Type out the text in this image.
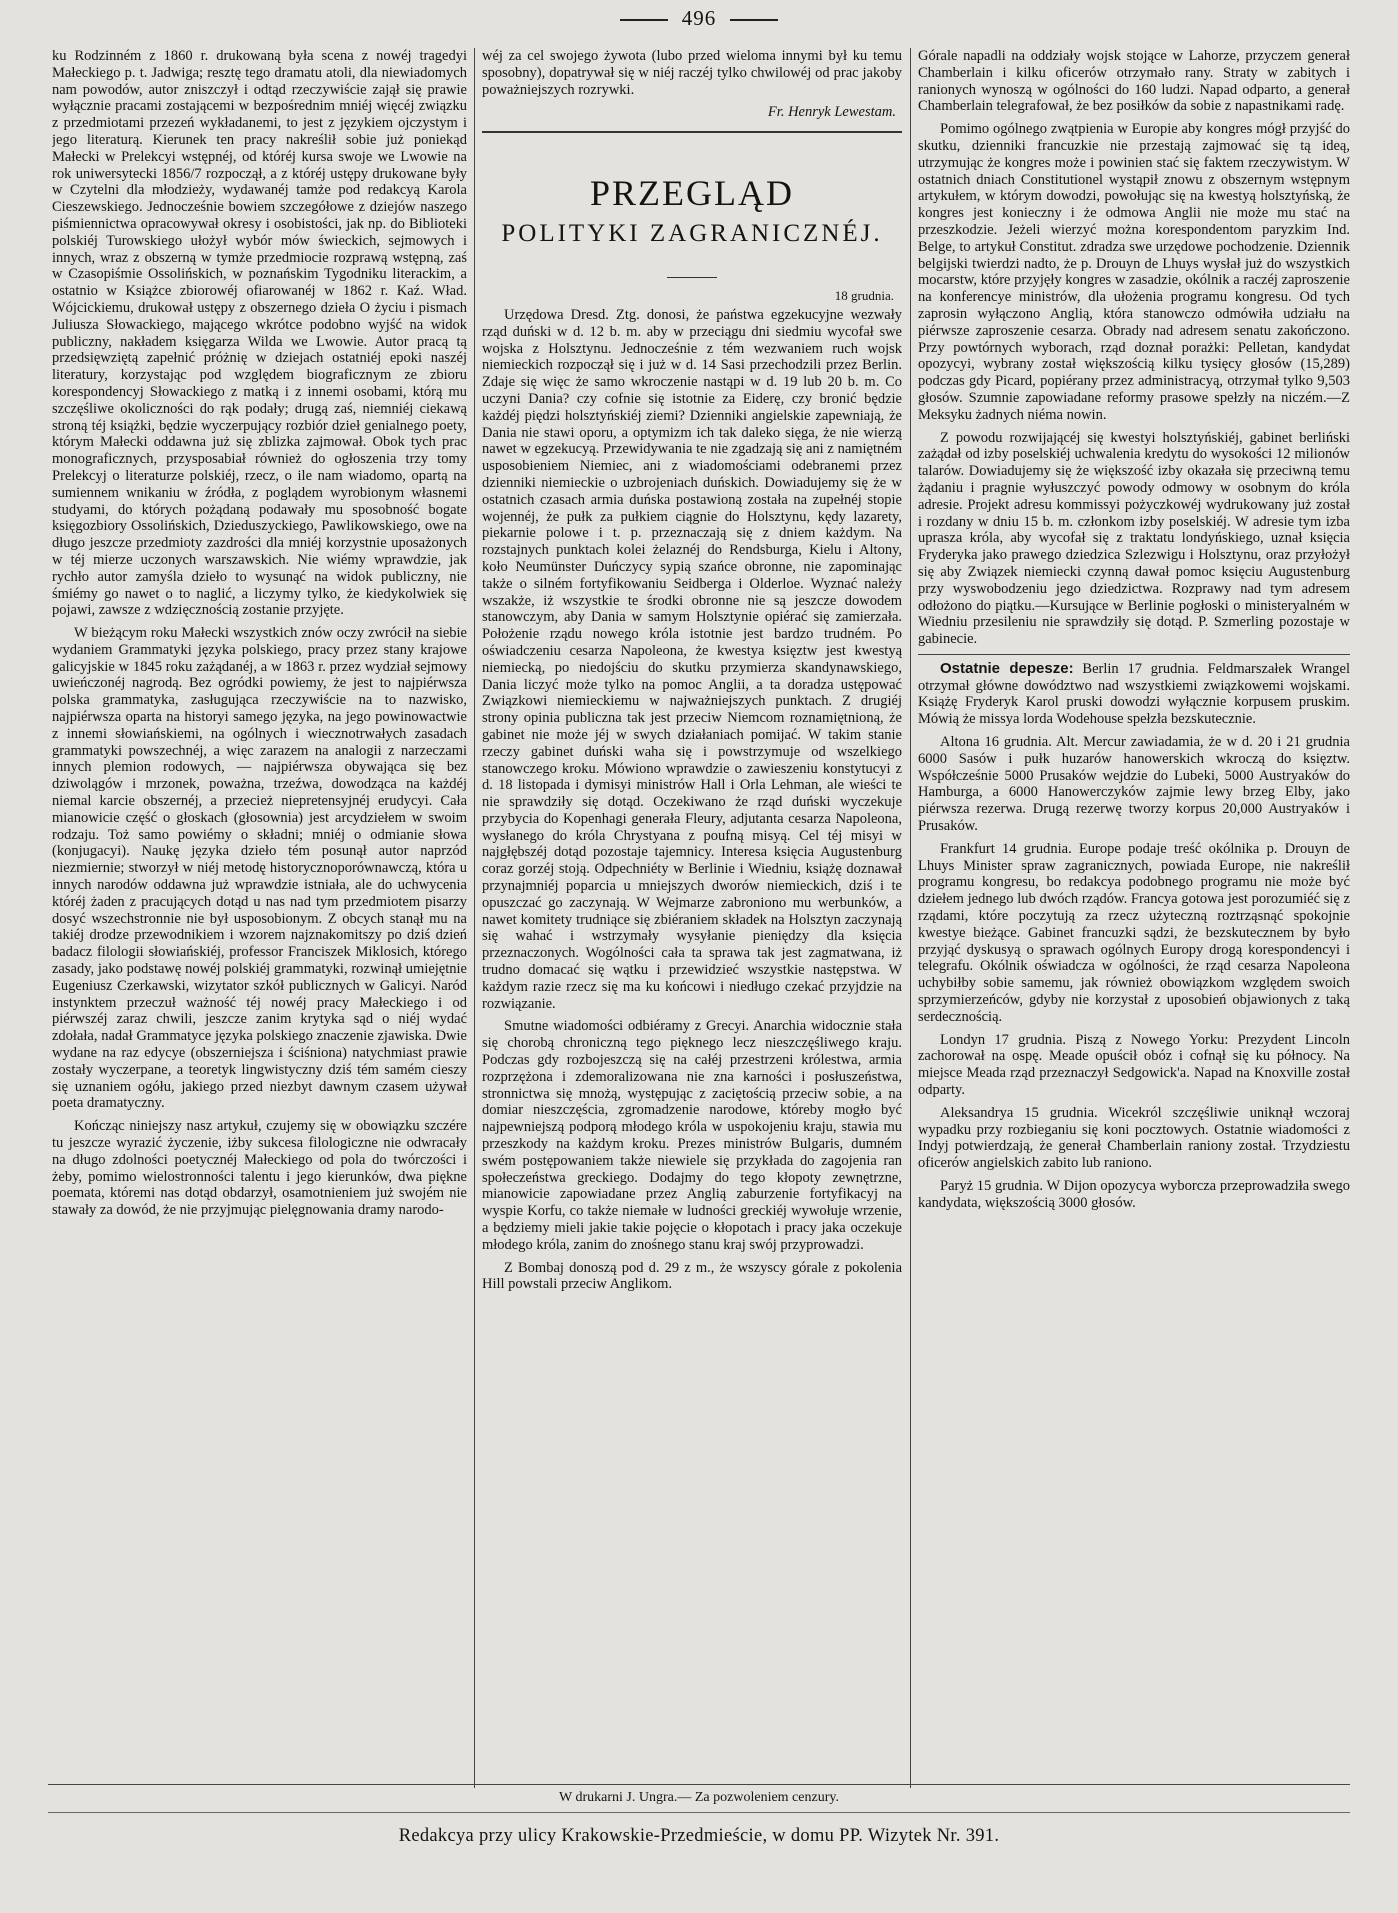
496

ku Rodzinném z 1860 r. drukowaną była scena z nowéj tragedyi Małeckiego p. t. Jadwiga; resztę tego dramatu atoli, dla niewiadomych nam powodów, autor zniszczył i odtąd rzeczywiście zajął się prawie wyłącznie pracami zostającemi w bezpośrednim mniéj więcéj związku z przedmiotami przezeń wykładanemi, to jest z językiem ojczystym i jego literaturą. Kierunek ten pracy nakreślił sobie już poniekąd Małecki w Prelekcyi wstępnéj, od któréj kursa swoje we Lwowie na rok uniwersytecki 1856/7 rozpoczął, a z któréj ustępy drukowane były w Czytelni dla młodzieży, wydawanéj tamże pod redakcyą Karola Cieszewskiego. Jednocześnie bowiem szczegółowe z dziejów naszego piśmiennictwa opracowywał okresy i osobistości, jak np. do Biblioteki polskiéj Turowskiego ułożył wybór mów świeckich, sejmowych i innych, wraz z obszerną w tymże przedmiocie rozprawą wstępną, zaś w Czasopiśmie Ossolińskich, w poznańskim Tygodniku literackim, a ostatnio w Książce zbiorowéj ofiarowanéj w 1862 r. Kaź. Wład. Wójcickiemu, drukował ustępy z obszernego dzieła O życiu i pismach Juliusza Słowackiego, mającego wkrótce podobno wyjść na widok publiczny, nakładem księgarza Wilda we Lwowie. Autor pracą tą przedsięwziętą zapełnić próżnię w dziejach ostatniéj epoki naszéj literatury, korzystając pod względem biograficznym ze zbioru korespondencyj Słowackiego z matką i z innemi osobami, którą mu szczęśliwe okoliczności do rąk podały; drugą zaś, niemniéj ciekawą stroną téj książki, będzie wyczerpujący rozbiór dzieł genialnego poety, którym Małecki oddawna już się zblizka zajmował. Obok tych prac monograficznych, przysposabiał również do ogłoszenia trzy tomy Prelekcyj o literaturze polskiéj, rzecz, o ile nam wiadomo, opartą na sumiennem wnikaniu w źródła, z poglądem wyrobionym własnemi studyami, do których pożądaną podawały mu sposobność bogate księgozbiory Ossolińskich, Dzieduszyckiego, Pawlikowskiego, owe na długo jeszcze przedmioty zazdrości dla mniéj korzystnie uposażonych w téj mierze uczonych warszawskich. Nie wiémy wprawdzie, jak rychło autor zamyśla dzieło to wysunąć na widok publiczny, nie śmiémy go nawet o to naglić, a liczymy tylko, że kiedykolwiek się pojawi, zawsze z wdzięcznością zostanie przyjęte.

W bieżącym roku Małecki wszystkich znów oczy zwrócił na siebie wydaniem Grammatyki języka polskiego, pracy przez stany krajowe galicyjskie w 1845 roku zażądanéj, a w 1863 r. przez wydział sejmowy uwieńczonéj nagrodą. Bez ogródki powiemy, że jest to najpiérwsza polska grammatyka, zasługująca rzeczywiście na to nazwisko, najpiérwsza oparta na historyi samego języka, na jego powinowactwie z innemi słowiańskiemi, na ogólnych i wiecznotrwałych zasadach grammatyki powszechnéj, a więc zarazem na analogii z narzeczami innych plemion rodowych, — najpiérwsza obywająca się bez dziwolągów i mrzonek, poważna, trzeźwa, dowodząca na każdéj niemal karcie obszernéj, a przecież niepretensyjnéj erudycyi. Cała mianowicie część o głoskach (głosownia) jest arcydziełem w swoim rodzaju. Toż samo powiémy o składni; mniéj o odmianie słowa (konjugacyi). Naukę języka dzieło tém posunął autor naprzód niezmiernie; stworzył w niéj metodę historycznoporównawczą, która u innych narodów oddawna już wprawdzie istniała, ale do uchwycenia któréj żaden z pracujących dotąd u nas nad tym przedmiotem pisarzy dosyć wszechstronnie nie był usposobionym. Z obcych stanął mu na takiéj drodze przewodnikiem i wzorem najznakomitszy po dziś dzień badacz filologii słowiańskiéj, professor Franciszek Miklosich, którego zasady, jako podstawę nowéj polskiéj grammatyki, rozwinął umiejętnie Eugeniusz Czerkawski, wizytator szkół publicznych w Galicyi. Naród instynktem przeczuł ważność téj nowéj pracy Małeckiego i od piérwszéj zaraz chwili, jeszcze zanim krytyka sąd o niéj wydać zdołała, nadał Grammatyce języka polskiego znaczenie zjawiska. Dwie wydane na raz edycye (obszerniejsza i ściśniona) natychmiast prawie zostały wyczerpane, a teoretyk lingwistyczny dziś tém samém cieszy się uznaniem ogółu, jakiego przed niezbyt dawnym czasem używał poeta dramatyczny.

Kończąc niniejszy nasz artykuł, czujemy się w obowiązku szczére tu jeszcze wyrazić życzenie, iżby sukcesa filologiczne nie odwracały na długo zdolności poetycznéj Małeckiego od pola do twórczości i żeby, pomimo wielostronności talentu i jego kierunków, dwa piękne poemata, któremi nas dotąd obdarzył, osamotnieniem już swojém nie stawały za dowód, że nie przyjmując pielęgnowania dramy narodo-

wéj za cel swojego żywota (lubo przed wieloma innymi był ku temu sposobny), dopatrywał się w niéj raczéj tylko chwilowéj od prac jakoby poważniejszych rozrywki.

Fr. Henryk Lewestam.
PRZEGLĄD
POLITYKI ZAGRANICZNÉJ.
18 grudnia.

Urzędowa Dresd. Ztg. donosi, że państwa egzekucyjne wezwały rząd duński w d. 12 b. m. aby w przeciągu dni siedmiu wycofał swe wojska z Holsztynu. Jednocześnie z tém wezwaniem ruch wojsk niemieckich rozpoczął się i już w d. 14 Sasi przechodzili przez Berlin. Zdaje się więc że samo wkroczenie nastąpi w d. 19 lub 20 b. m. Co uczyni Dania? czy cofnie się istotnie za Eiderę, czy bronić będzie każdéj piędzi holsztyńskiéj ziemi? Dzienniki angielskie zapewniają, że Dania nie stawi oporu, a optymizm ich tak daleko sięga, że nie wierzą nawet w egzekucyą. Przewidywania te nie zgadzają się ani z namiętném usposobieniem Niemiec, ani z wiadomościami odebranemi przez dzienniki niemieckie o uzbrojeniach duńskich. Dowiadujemy się że w ostatnich czasach armia duńska postawioną została na zupełnéj stopie wojennéj, że pułk za pułkiem ciągnie do Holsztynu, kędy lazarety, piekarnie polowe i t. p. przeznaczają się z dniem każdym. Na rozstajnych punktach kolei żelaznéj do Rendsburga, Kielu i Altony, koło Neumünster Duńczycy sypią szańce obronne, nie zapominając także o silném fortyfikowaniu Seidberga i Olderloe. Wyznać należy wszakże, iż wszystkie te środki obronne nie są jeszcze dowodem stanowczym, aby Dania w samym Holsztynie opiérać się zamierzała. Położenie rządu nowego króla istotnie jest bardzo trudném. Po oświadczeniu cesarza Napoleona, że kwestya księztw jest kwestyą niemiecką, po niedojściu do skutku przymierza skandynawskiego, Dania liczyć może tylko na pomoc Anglii, a ta doradza ustępować Związkowi niemieckiemu w najważniejszych punktach. Z drugiéj strony opinia publiczna tak jest przeciw Niemcom roznamiętnioną, że gabinet nie może jéj w swych działaniach pomijać. W takim stanie rzeczy gabinet duński waha się i powstrzymuje od wszelkiego stanowczego kroku. Mówiono wprawdzie o zawieszeniu konstytucyi z d. 18 listopada i dymisyi ministrów Hall i Orla Lehman, ale wieści te nie sprawdziły się dotąd. Oczekiwano że rząd duński wyczekuje przybycia do Kopenhagi generała Fleury, adjutanta cesarza Napoleona, wysłanego do króla Chrystyana z poufną misyą. Cel téj misyi w najgłębszéj dotąd pozostaje tajemnicy. Interesa księcia Augustenburg coraz gorzéj stoją. Odpechniéty w Berlinie i Wiedniu, książę doznawał przynajmniéj poparcia u mniejszych dworów niemieckich, dziś i te opuszczać go zaczynają. W Wejmarze zabroniono mu werbunków, a nawet komitety trudniące się zbiéraniem składek na Holsztyn zaczynają się wahać i wstrzymały wysyłanie pieniędzy dla księcia przeznaczonych. Wogólności cała ta sprawa tak jest zagmatwana, iż trudno domacać się wątku i przewidzieć wszystkie następstwa. W każdym razie rzecz się ma ku końcowi i niedługo czekać przyjdzie na rozwiązanie.

Smutne wiadomości odbiéramy z Grecyi. Anarchia widocznie stała się chorobą chroniczną tego pięknego lecz nieszczęśliwego kraju. Podczas gdy rozbojeszczą się na całéj przestrzeni królestwa, armia rozprzężona i zdemoralizowana nie zna karności i posłuszeństwa, stronnictwa się mnożą, występując z zaciętością przeciw sobie, a na domiar nieszczęścia, zgromadzenie narodowe, któreby mogło być najpewniejszą podporą młodego króla w uspokojeniu kraju, stawia mu przeszkody na każdym kroku. Prezes ministrów Bulgaris, dumném swém postępowaniem także niewiele się przykłada do zagojenia ran społeczeństwa greckiego. Dodajmy do tego kłopoty zewnętrzne, mianowicie zapowiadane przez Anglią zaburzenie fortyfikacyj na wyspie Korfu, co także niemałe w ludności greckiéj wywołuje wrzenie, a będziemy mieli jakie takie pojęcie o kłopotach i pracy jaka oczekuje młodego króla, zanim do znośnego stanu kraj swój przyprowadzi.

Z Bombaj donoszą pod d. 29 z m., że wszyscy górale z pokolenia Hill powstali przeciw Anglikom.

Górale napadli na oddziały wojsk stojące w Lahorze, przyczem generał Chamberlain i kilku oficerów otrzymało rany. Straty w zabitych i ranionych wynoszą w ogólności do 160 ludzi. Napad odparto, a generał Chamberlain telegrafował, że bez posiłków da sobie z napastnikami radę.

Pomimo ogólnego zwątpienia w Europie aby kongres mógł przyjść do skutku, dzienniki francuzkie nie przestają zajmować się tą ideą, utrzymując że kongres może i powinien stać się faktem rzeczywistym. W ostatnich dniach Constitutionel wystąpił znowu z obszernym wstępnym artykułem, w którym dowodzi, powołując się na kwestyą holsztyńską, że kongres jest konieczny i że odmowa Anglii nie może mu stać na przeszkodzie. Jeżeli wierzyć można korespondentom paryzkim Ind. Belge, to artykuł Constitut. zdradza swe urzędowe pochodzenie. Dziennik belgijski twierdzi nadto, że p. Drouyn de Lhuys wysłał już do wszystkich mocarstw, które przyjęły kongres w zasadzie, okólnik a raczéj zaproszenie na konferencye ministrów, dla ułożenia programu kongresu. Od tych zaprosin wyłączono Anglią, która stanowczo odmówiła udziału na piérwsze zaproszenie cesarza. Obrady nad adresem senatu zakończono. Przy powtórnych wyborach, rząd doznał porażki: Pelletan, kandydat opozycyi, wybrany został większością kilku tysięcy głosów (15,289) podczas gdy Picard, popiérany przez administracyą, otrzymał tylko 9,503 głosów. Szumnie zapowiadane reformy prasowe spełzły na niczém.—Z Meksyku żadnych niéma nowin.

Z powodu rozwijającéj się kwestyi holsztyńskiéj, gabinet berliński zażądał od izby poselskiéj uchwalenia kredytu do wysokości 12 milionów talarów. Dowiadujemy się że większość izby okazała się przeciwną temu żądaniu i pragnie wyłuszczyć powody odmowy w osobnym do króla adresie. Projekt adresu kommissyi pożyczkowéj wydrukowany już został i rozdany w dniu 15 b. m. członkom izby poselskiéj. W adresie tym izba uprasza króla, aby wycofał się z traktatu londyńskiego, uznał księcia Fryderyka jako prawego dziedzica Szlezwigu i Holsztynu, oraz przyłożył się aby Związek niemiecki czynną dawał pomoc księciu Augustenburg przy wyswobodzeniu jego dziedzictwa. Rozprawy nad tym adresem odłożono do piątku.—Kursujące w Berlinie pogłoski o ministeryalném w Wiedniu przesileniu nie sprawdziły się dotąd. P. Szmerling pozostaje w gabinecie.

Ostatnie depesze: Berlin 17 grudnia. Feldmarszałek Wrangel otrzymał główne dowództwo nad wszystkiemi związkowemi wojskami. Książę Fryderyk Karol pruski dowodzi wyłącznie korpusem pruskim. Mówią że missya lorda Wodehouse spełzła bezskutecznie.

Altona 16 grudnia. Alt. Mercur zawiadamia, że w d. 20 i 21 grudnia 6000 Sasów i pułk huzarów hanowerskich wkroczą do księztw. Współcześnie 5000 Prusaków wejdzie do Lubeki, 5000 Austryaków do Hamburga, a 6000 Hanowerczyków zajmie lewy brzeg Elby, jako piérwsza rezerwa. Drugą rezerwę tworzy korpus 20,000 Austryaków i Prusaków.

Frankfurt 14 grudnia. Europe podaje treść okólnika p. Drouyn de Lhuys Minister spraw zagranicznych, powiada Europe, nie nakreślił programu kongresu, bo redakcya podobnego programu nie może być dziełem jednego lub dwóch rządów. Francya gotowa jest porozumiéć się z rządami, które poczytują za rzecz użyteczną roztrząsnąć spokojnie kwestye bieżące. Gabinet francuzki sądzi, że bezskutecznem by było przyjąć dyskusyą o sprawach ogólnych Europy drogą korespondencyi i telegrafu. Okólnik oświadcza w ogólności, że rząd cesarza Napoleona uchybiłby sobie samemu, jak również obowiązkom względem swoich sprzymierzeńców, gdyby nie korzystał z uposobień objawionych z taką serdecznością.

Londyn 17 grudnia. Piszą z Nowego Yorku: Prezydent Lincoln zachorował na ospę. Meade opuścił obóz i cofnął się ku północy. Na miejsce Meada rząd przeznaczył Sedgowick'a. Napad na Knoxville został odparty.

Aleksandrya 15 grudnia. Wicekról szczęśliwie uniknął wczoraj wypadku przy rozbieganiu się koni pocztowych. Ostatnie wiadomości z Indyj potwierdzają, że generał Chamberlain raniony został. Trzydziestu oficerów angielskich zabito lub raniono.

Paryż 15 grudnia. W Dijon opozycya wyborcza przeprowadziła swego kandydata, większością 3000 głosów.

W drukarni J. Ungra.— Za pozwoleniem cenzury.
Redakcya przy ulicy Krakowskie-Przedmieście, w domu PP. Wizytek Nr. 391.
